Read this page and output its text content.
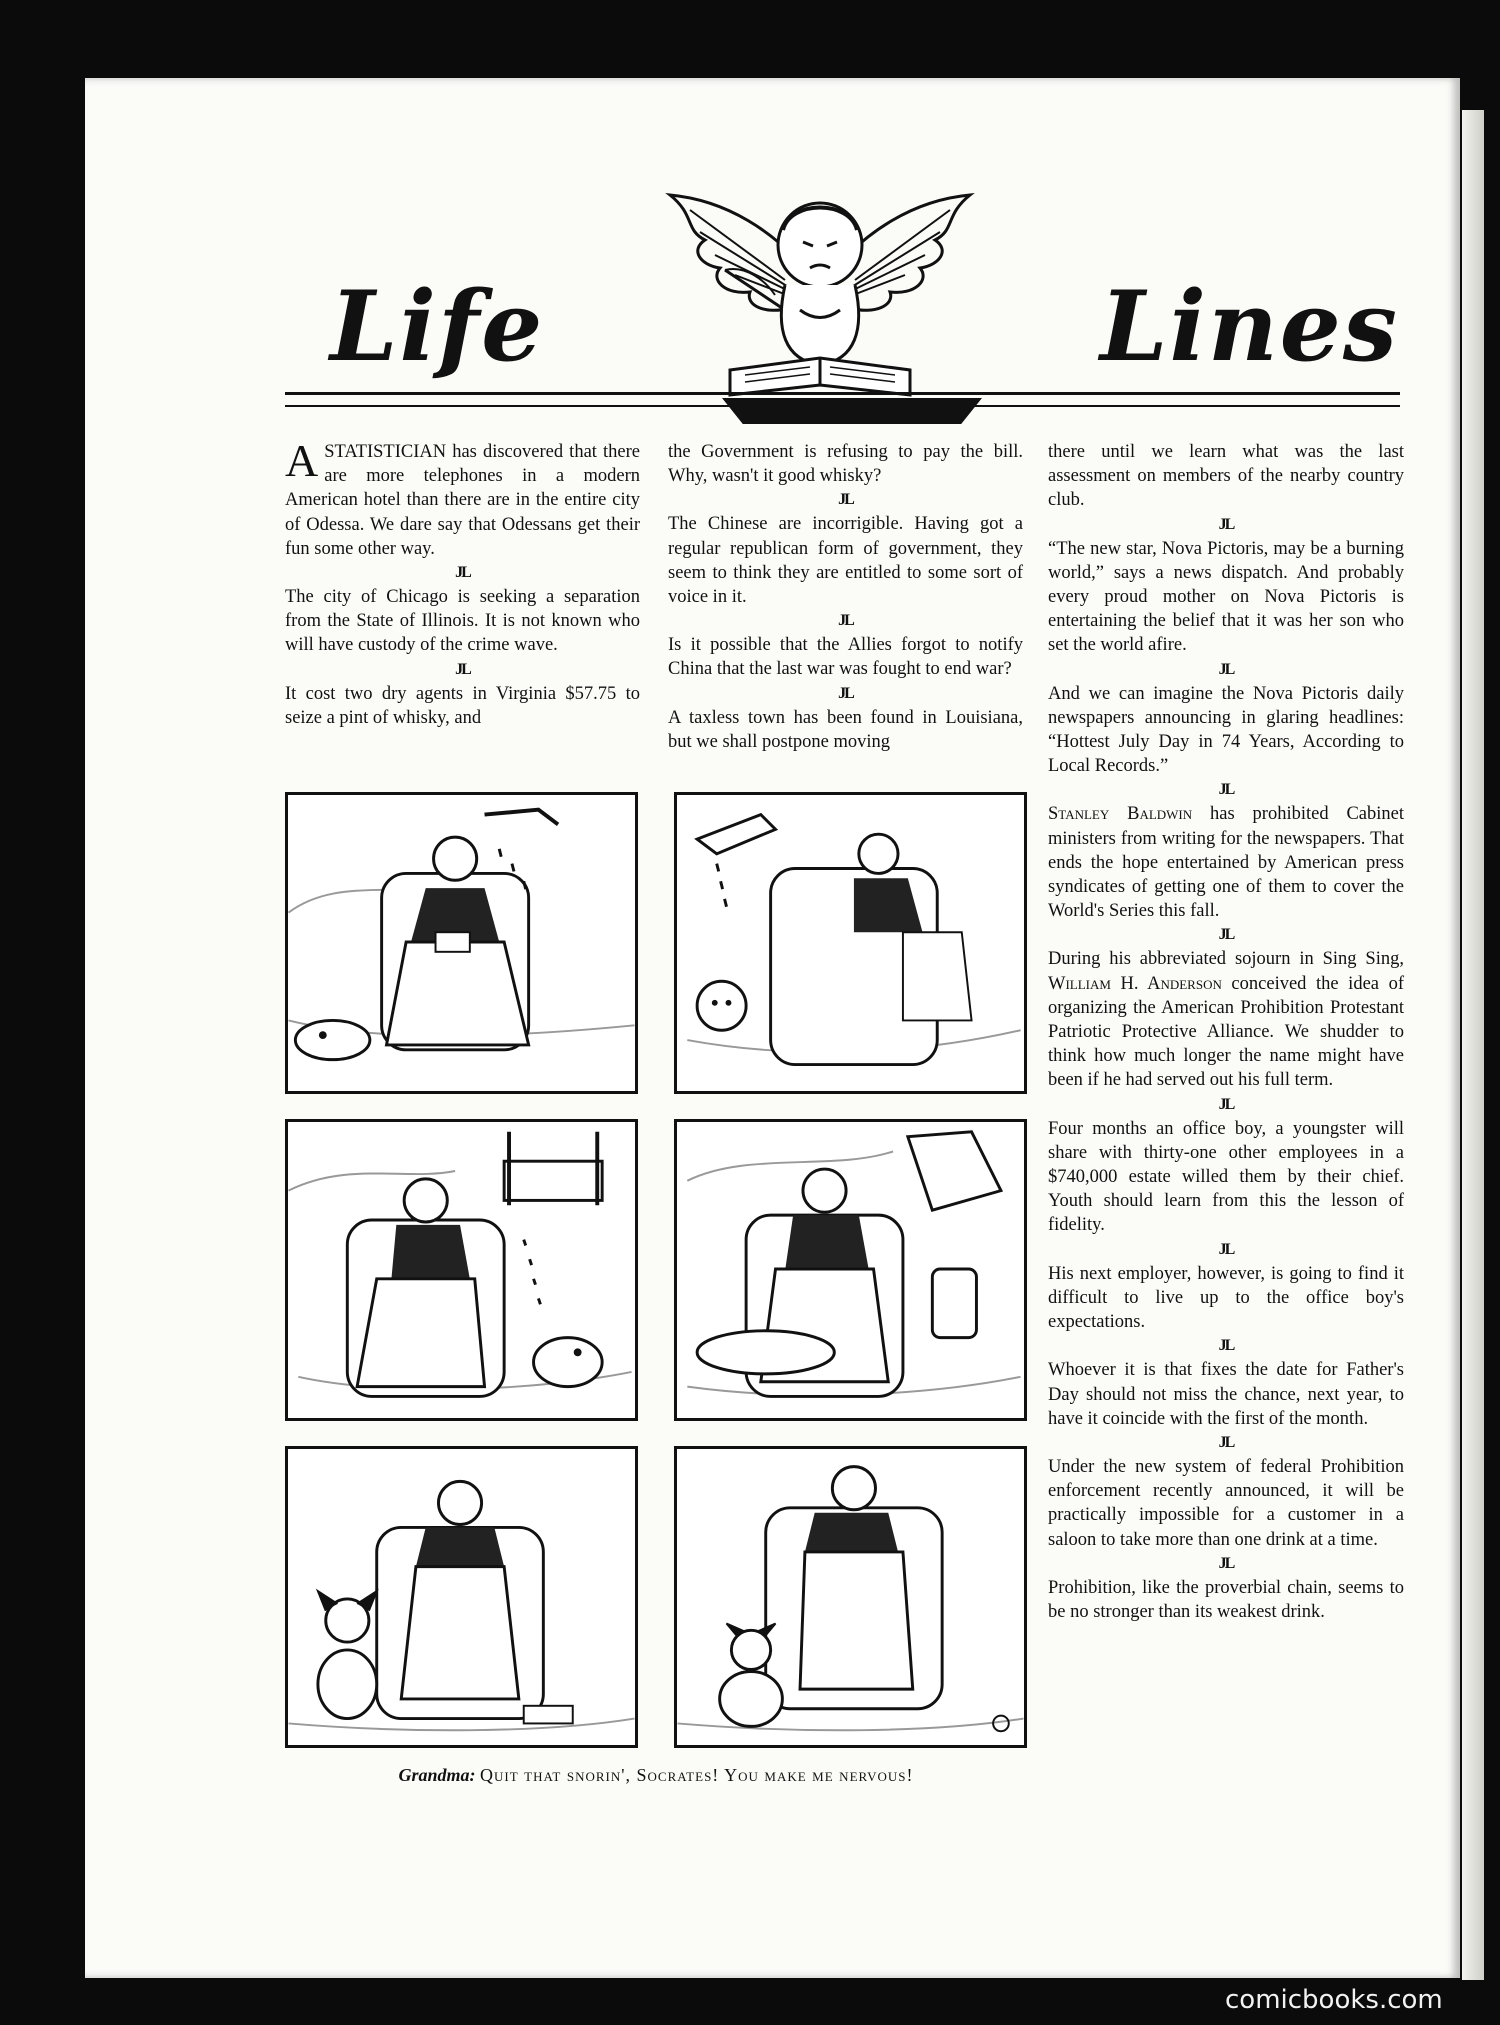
Life	Lines

ASTATISTICIAN has discovered that there are more telephones in a modern American hotel than there are in the entire city of Odessa. We dare say that Odessans get their fun some other way.

JL

The city of Chicago is seeking a separation from the State of Illinois. It is not known who will have custody of the crime wave.

JL

It cost two dry agents in Virginia $57.75 to seize a pint of whisky, and

the Government is refusing to pay the bill. Why, wasn't it good whisky?

JL

The Chinese are incorrigible. Having got a regular republican form of government, they seem to think they are entitled to some sort of voice in it.

JL

Is it possible that the Allies forgot to notify China that the last war was fought to end war?

JL

A taxless town has been found in Louisiana, but we shall postpone moving

there until we learn what was the last assessment on members of the nearby country club.

JL

“The new star, Nova Pictoris, may be a burning world,” says a news dispatch. And probably every proud mother on Nova Pictoris is entertaining the belief that it was her son who set the world afire.

JL

And we can imagine the Nova Pictoris daily newspapers announcing in glaring headlines: “Hottest July Day in 74 Years, According to Local Records.”

JL

Stanley Baldwin has prohibited Cabinet ministers from writing for the newspapers. That ends the hope entertained by American press syndicates of getting one of them to cover the World's Series this fall.

JL

During his abbreviated sojourn in Sing Sing, William H. Anderson conceived the idea of organizing the American Prohibition Protestant Patriotic Protective Alliance. We shudder to think how much longer the name might have been if he had served out his full term.

JL

Four months an office boy, a youngster will share with thirty-one other employees in a $740,000 estate willed them by their chief. Youth should learn from this the lesson of fidelity.

JL

His next employer, however, is going to find it difficult to live up to the office boy's expectations.

JL

Whoever it is that fixes the date for Father's Day should not miss the chance, next year, to have it coincide with the first of the month.

JL

Under the new system of federal Prohibition enforcement recently announced, it will be practically impossible for a customer in a saloon to take more than one drink at a time.

JL

Prohibition, like the proverbial chain, seems to be no stronger than its weakest drink.

Grandma: Quit that snorin', Socrates! You make me nervous!
comicbooks.com
